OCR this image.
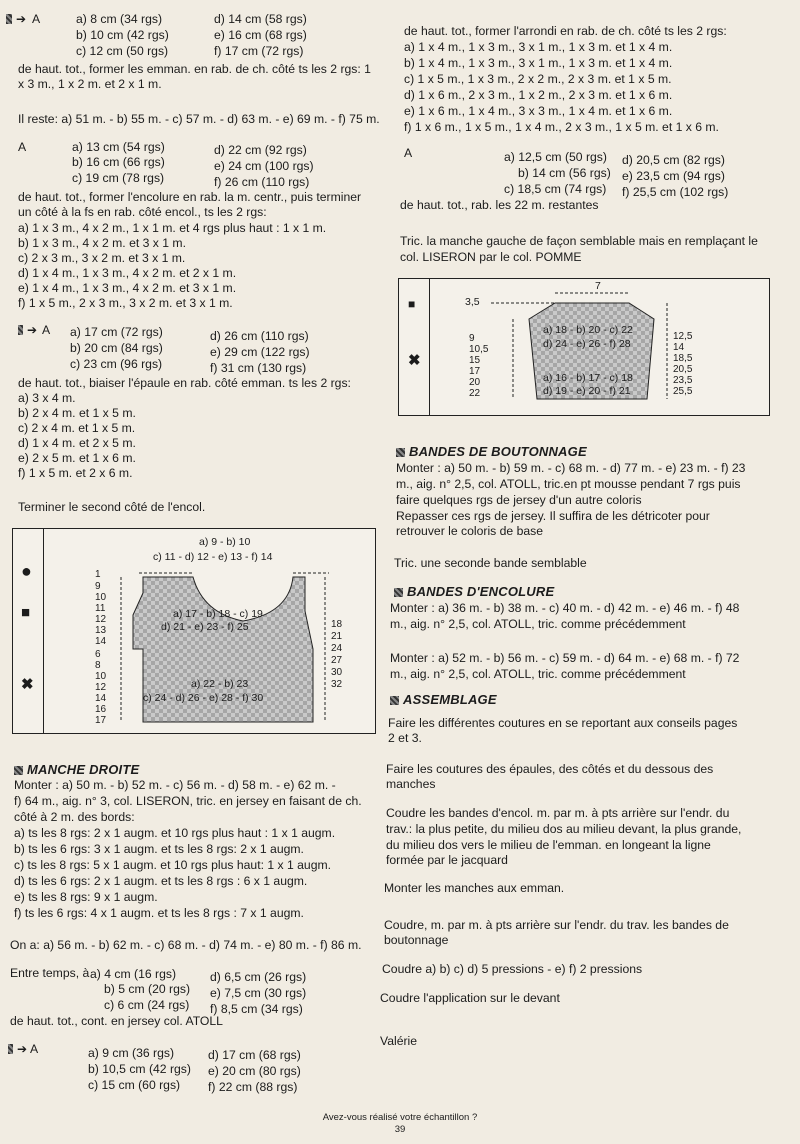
➔ A	a) 8 cm (34 rgs)	d) 14 cm (58 rgs)
b) 10 cm (42 rgs)	e) 16 cm (68 rgs)
c) 12 cm (50 rgs)	f) 17 cm (72 rgs)
de haut. tot., former les emman. en rab. de ch. côté ts les 2 rgs: 1
x 3 m., 1 x 2 m. et 2 x 1 m.
Il reste: a) 51 m. - b) 55 m. - c) 57 m. - d) 63 m. - e) 69 m. - f) 75 m.
A	a) 13 cm (54 rgs)	d) 22 cm (92 rgs)
b) 16 cm (66 rgs)	e) 24 cm (100 rgs)
c) 19 cm (78 rgs)	f) 26 cm (110 rgs)
de haut. tot., former l'encolure en rab. la m. centr., puis terminer
un côté à la fs en rab. côté encol., ts les 2 rgs:
a) 1 x 3 m., 4 x 2 m., 1 x 1 m. et 4 rgs plus haut : 1 x 1 m.
b) 1 x 3 m., 4 x 2 m. et 3 x 1 m.
c) 2 x 3 m., 3 x 2 m. et 3 x 1 m.
d) 1 x 4 m., 1 x 3 m., 4 x 2 m. et 2 x 1 m.
e) 1 x 4 m., 1 x 3 m., 4 x 2 m. et 3 x 1 m.
f) 1 x 5 m., 2 x 3 m., 3 x 2 m. et 3 x 1 m.
➔ A a) 17 cm (72 rgs)	d) 26 cm (110 rgs)
b) 20 cm (84 rgs)	e) 29 cm (122 rgs)
c) 23 cm (96 rgs)	f) 31 cm (130 rgs)
de haut. tot., biaiser l'épaule en rab. côté emman. ts les 2 rgs:
a) 3 x 4 m.
b) 2 x 4 m. et 1 x 5 m.
c) 2 x 4 m. et 1 x 5 m.
d) 1 x 4 m. et 2 x 5 m.
e) 2 x 5 m. et 1 x 6 m.
f) 1 x 5 m. et 2 x 6 m.
Terminer le second côté de l'encol.
●
■
✖
a) 9 - b) 10
c) 11 - d) 12 - e) 13 - f) 14
1
9
10
11
12
13
14
6
8
10
12
14
16
17
18
21
24
27
30
32
a) 17 - b) 18 - c) 19
d) 21 - e) 23 - f) 25
a) 22 - b) 23
c) 24 - d) 26 - e) 28 - f) 30
MANCHE DROITE
Monter : a) 50 m. - b) 52 m. - c) 56 m. - d) 58 m. - e) 62 m. -
f) 64 m., aig. n° 3, col. LISERON, tric. en jersey en faisant de ch.
côté à 2 m. des bords:
a) ts les 8 rgs: 2 x 1 augm. et 10 rgs plus haut : 1 x 1 augm.
b) ts les 6 rgs: 3 x 1 augm. et ts les 8 rgs: 2 x 1 augm.
c) ts les 8 rgs: 5 x 1 augm. et 10 rgs plus haut: 1 x 1 augm.
d) ts les 6 rgs: 2 x 1 augm. et ts les 8 rgs : 6 x 1 augm.
e) ts les 8 rgs: 9 x 1 augm.
f) ts les 6 rgs: 4 x 1 augm. et ts les 8 rgs : 7 x 1 augm.
On a: a) 56 m. - b) 62 m. - c) 68 m. - d) 74 m. - e) 80 m. - f) 86 m.
Entre temps, à a) 4 cm (16 rgs)	d) 6,5 cm (26 rgs)
b) 5 cm (20 rgs) e) 7,5 cm (30 rgs)
c) 6 cm (24 rgs) f) 8,5 cm (34 rgs)
de haut. tot., cont. en jersey col. ATOLL
➔ A	a) 9 cm (36 rgs)	d) 17 cm (68 rgs)
b) 10,5 cm (42 rgs) e) 20 cm (80 rgs)
c) 15 cm (60 rgs) f) 22 cm (88 rgs)
de haut. tot., former l'arrondi en rab. de ch. côté ts les 2 rgs:
a) 1 x 4 m., 1 x 3 m., 3 x 1 m., 1 x 3 m. et 1 x 4 m.
b) 1 x 4 m., 1 x 3 m., 3 x 1 m., 1 x 3 m. et 1 x 4 m.
c) 1 x 5 m., 1 x 3 m., 2 x 2 m., 2 x 3 m. et 1 x 5 m.
d) 1 x 6 m., 2 x 3 m., 1 x 2 m., 2 x 3 m. et 1 x 6 m.
e) 1 x 6 m., 1 x 4 m., 3 x 3 m., 1 x 4 m. et 1 x 6 m.
f) 1 x 6 m., 1 x 5 m., 1 x 4 m., 2 x 3 m., 1 x 5 m. et 1 x 6 m.
A	a) 12,5 cm (50 rgs) d) 20,5 cm (82 rgs)
b) 14 cm (56 rgs) e) 23,5 cm (94 rgs)
c) 18,5 cm (74 rgs) f) 25,5 cm (102 rgs)
de haut. tot., rab. les 22 m. restantes
Tric. la manche gauche de façon semblable mais en remplaçant le
col. LISERON par le col. POMME
■
✖
7
3,5
9
10,5
15
17
20
22
12,5
14
18,5
20,5
23,5
25,5
a) 18 - b) 20 - c) 22
d) 24 - e) 26 - f) 28
a) 16 - b) 17 - c) 18
d) 19 - e) 20 - f) 21
BANDES DE BOUTONNAGE
Monter : a) 50 m. - b) 59 m. - c) 68 m. - d) 77 m. - e) 23 m. - f) 23
m., aig. n° 2,5, col. ATOLL, tric.en pt mousse pendant 7 rgs puis
faire quelques rgs de jersey d'un autre coloris
Repasser ces rgs de jersey. Il suffira de les détricoter pour
retrouver le coloris de base
Tric. une seconde bande semblable
BANDES D'ENCOLURE
Monter : a) 36 m. - b) 38 m. - c) 40 m. - d) 42 m. - e) 46 m. - f) 48
m., aig. n° 2,5, col. ATOLL, tric. comme précédemment
Monter : a) 52 m. - b) 56 m. - c) 59 m. - d) 64 m. - e) 68 m. - f) 72
m., aig. n° 2,5, col. ATOLL, tric. comme précédemment
ASSEMBLAGE
Faire les différentes coutures en se reportant aux conseils pages
2 et 3.
Faire les coutures des épaules, des côtés et du dessous des
manches
Coudre les bandes d'encol. m. par m. à pts arrière sur l'endr. du
trav.: la plus petite, du milieu dos au milieu devant, la plus grande,
du milieu dos vers le milieu de l'emman. en longeant la ligne
formée par le jacquard
Monter les manches aux emman.
Coudre, m. par m. à pts arrière sur l'endr. du trav. les bandes de
boutonnage
Coudre a) b) c) d) 5 pressions - e) f) 2 pressions
Coudre l'application sur le devant
Valérie
Avez-vous réalisé votre échantillon ?
39
